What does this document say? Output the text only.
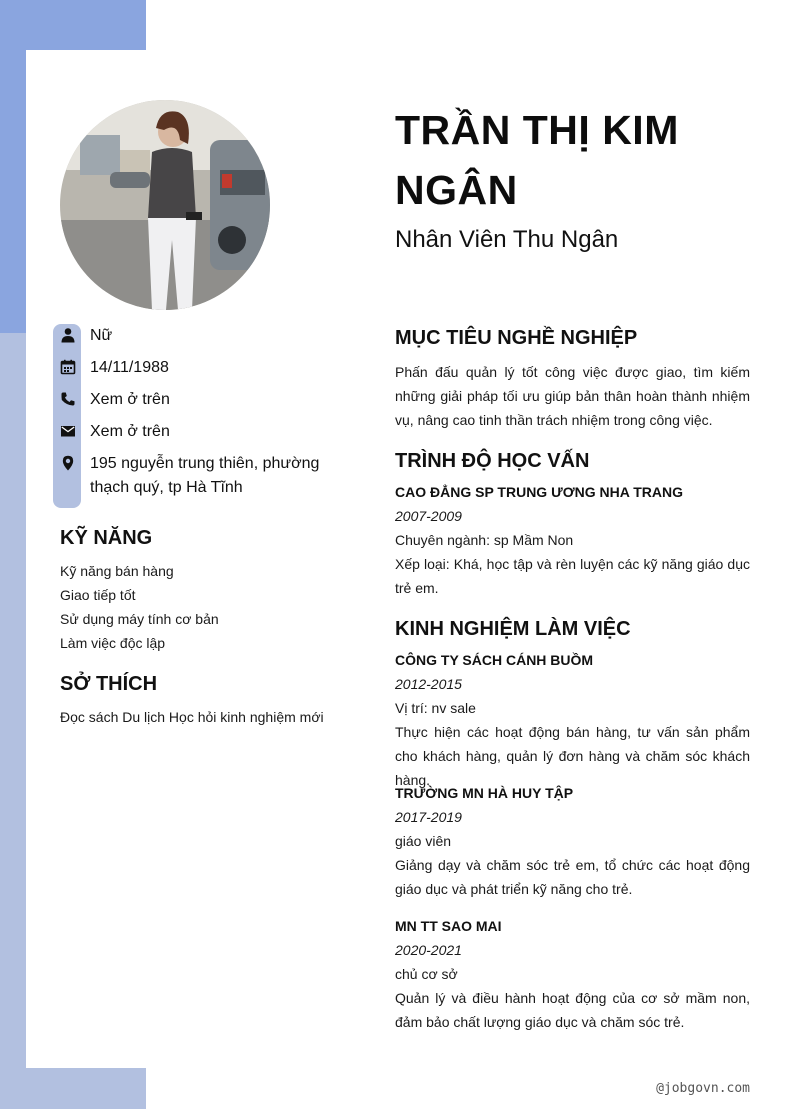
TRẦN THỊ KIM NGÂN
Nhân Viên Thu Ngân
Nữ
14/11/1988
Xem ở trên
Xem ở trên
195 nguyễn trung thiên, phường thạch quý, tp Hà Tĩnh
KỸ NĂNG
Kỹ năng bán hàng
Giao tiếp tốt
Sử dụng máy tính cơ bản
Làm việc độc lập
SỞ THÍCH
Đọc sách Du lịch Học hỏi kinh nghiệm mới
MỤC TIÊU NGHỀ NGHIỆP
Phấn đấu quản lý tốt công việc được giao, tìm kiếm những giải pháp tối ưu giúp bản thân hoàn thành nhiệm vụ, nâng cao tinh thần trách nhiệm trong công việc.
TRÌNH ĐỘ HỌC VẤN
CAO ĐẲNG SP TRUNG ƯƠNG NHA TRANG
2007-2009
Chuyên ngành: sp Mầm Non
Xếp loại: Khá, học tập và rèn luyện các kỹ năng giáo dục trẻ em.
KINH NGHIỆM LÀM VIỆC
CÔNG TY SÁCH CÁNH BUỒM
2012-2015
Vị trí: nv sale
Thực hiện các hoạt động bán hàng, tư vấn sản phẩm cho khách hàng, quản lý đơn hàng và chăm sóc khách hàng.
TRƯỜNG MN HÀ HUY TẬP
2017-2019
giáo viên
Giảng dạy và chăm sóc trẻ em, tổ chức các hoạt động giáo dục và phát triển kỹ năng cho trẻ.
MN TT SAO MAI
2020-2021
chủ cơ sở
Quản lý và điều hành hoạt động của cơ sở mầm non, đảm bảo chất lượng giáo dục và chăm sóc trẻ.
@jobgovn.com
